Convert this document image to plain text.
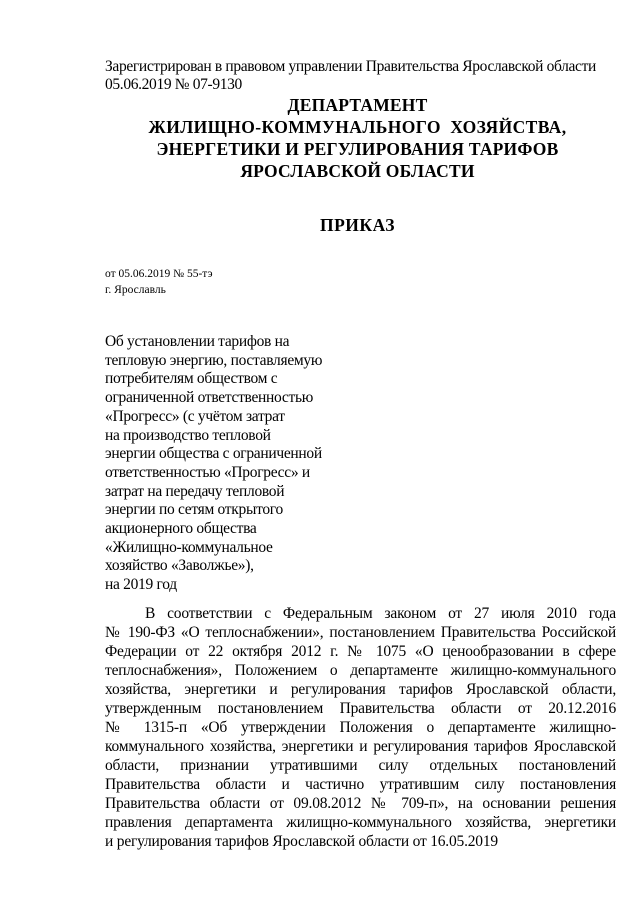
Зарегистрирован в правовом управлении Правительства Ярославской области
05.06.2019 № 07-9130
ДЕПАРТАМЕНТ
ЖИЛИЩНО-КОММУНАЛЬНОГО  ХОЗЯЙСТВА,
ЭНЕРГЕТИКИ И РЕГУЛИРОВАНИЯ ТАРИФОВ
ЯРОСЛАВСКОЙ ОБЛАСТИ
ПРИКАЗ
от 05.06.2019 № 55-тэ
г. Ярославль
Об установлении тарифов на
тепловую энергию, поставляемую
потребителям обществом с
ограниченной ответственностью
«Прогресс» (с учётом затрат
на производство тепловой
энергии общества с ограниченной
ответственностью «Прогресс» и
затрат на передачу тепловой
энергии по сетям открытого
акционерного общества
«Жилищно-коммунальное
хозяйство «Заволжье»),
на 2019 год
В соответствии с Федеральным законом от 27 июля 2010 года
№ 190-ФЗ «О теплоснабжении», постановлением Правительства Российской
Федерации от 22 октября 2012 г. № 1075 «О ценообразовании в сфере
теплоснабжения», Положением о департаменте жилищно-коммунального
хозяйства, энергетики и регулирования тарифов Ярославской области,
утвержденным постановлением Правительства области от 20.12.2016
№ 1315-п «Об утверждении Положения о департаменте жилищно-
коммунального хозяйства, энергетики и регулирования тарифов Ярославской
области, признании утратившими силу отдельных постановлений
Правительства области и частично утратившим силу постановления
Правительства области от 09.08.2012 № 709-п», на основании решения
правления департамента жилищно-коммунального хозяйства, энергетики
и регулирования тарифов Ярославской области от 16.05.2019
